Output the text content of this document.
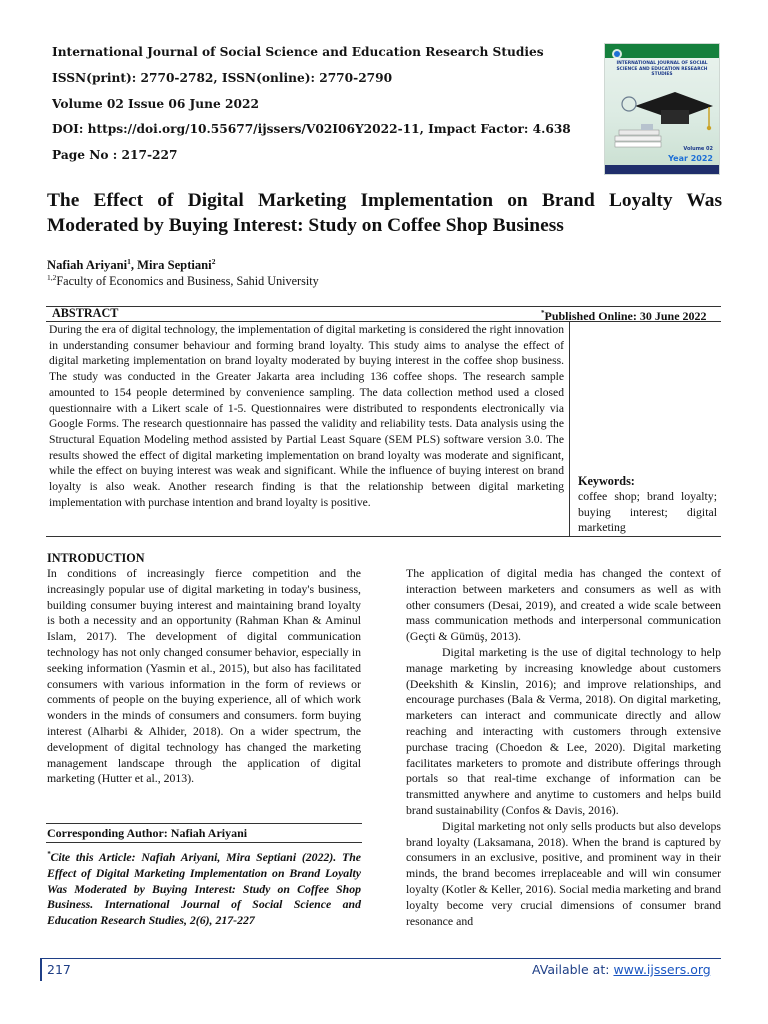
International Journal of Social Science and Education Research Studies
ISSN(print): 2770-2782, ISSN(online): 2770-2790
Volume 02 Issue 06 June 2022
DOI: https://doi.org/10.55677/ijssers/V02I06Y2022-11, Impact Factor: 4.638
Page No : 217-227
INTERNATIONAL JOURNAL OF SOCIAL SCIENCE AND EDUCATION RESEARCH STUDIES
Volume 02
Year 2022
The Effect of Digital Marketing Implementation on Brand Loyalty Was Moderated by Buying Interest: Study on Coffee Shop Business
Nafiah Ariyani$^1$, Mira Septiani$^2$
$^{1,2}$Faculty of Economics and Business, Sahid University
ABSTRACT	*Published Online: 30 June 2022

During the era of digital technology, the implementation of digital marketing is considered the right innovation in understanding consumer behaviour and forming brand loyalty. This study aims to analyse the effect of digital marketing implementation on brand loyalty moderated by buying interest in the coffee shop business. The study was conducted in the Greater Jakarta area including 136 coffee shops. The research sample amounted to 154 people determined by convenience sampling. The data collection method used a closed questionnaire with a Likert scale of 1-5. Questionnaires were distributed to respondents electronically via Google Forms. The research questionnaire has passed the validity and reliability tests. Data analysis using the Structural Equation Modeling method assisted by Partial Least Square (SEM PLS) software version 3.0. The results showed the effect of digital marketing implementation on brand loyalty was moderate and significant, while the effect on buying interest was weak and significant. While the influence of buying interest on brand loyalty is also weak. Another research finding is that the relationship between digital marketing implementation with purchase intention and brand loyalty is positive.

Keywords:

coffee shop; brand loyalty; buying interest; digital marketing

INTRODUCTION

In conditions of increasingly fierce competition and the increasingly popular use of digital marketing in today's business, building consumer buying interest and maintaining brand loyalty is both a necessity and an opportunity (Rahman Khan & Aminul Islam, 2017). The development of digital communication technology has not only changed consumer behavior, especially in seeking information (Yasmin et al., 2015), but also has facilitated consumers with various information in the form of reviews or comments of people on the buying experience, all of which work wonders in the minds of consumers and consumers. form buying interest (Alharbi & Alhider, 2018). On a wider spectrum, the development of digital technology has changed the marketing management landscape through the application of digital marketing (Hutter et al., 2013).

Corresponding Author: Nafiah Ariyani

*Cite this Article: Nafiah Ariyani, Mira Septiani (2022). The Effect of Digital Marketing Implementation on Brand Loyalty Was Moderated by Buying Interest: Study on Coffee Shop Business. International Journal of Social Science and Education Research Studies, 2(6), 217-227

The application of digital media has changed the context of interaction between marketers and consumers as well as with other consumers (Desai, 2019), and created a wide scale between mass communication methods and interpersonal communication (Geçti & Gümüş, 2013).

Digital marketing is the use of digital technology to help manage marketing by increasing knowledge about customers (Deekshith & Kinslin, 2016); and improve relationships, and encourage purchases (Bala & Verma, 2018). On digital marketing, marketers can interact and communicate directly and allow reaching and interacting with customers through extensive purchase tracing (Choedon & Lee, 2020). Digital marketing facilitates marketers to promote and distribute offerings through portals so that real-time exchange of information can be transmitted anywhere and anytime to customers and helps build brand sustainability (Confos & Davis, 2016).

Digital marketing not only sells products but also develops brand loyalty (Laksamana, 2018). When the brand is captured by consumers in an exclusive, positive, and prominent way in their minds, the brand becomes irreplaceable and will win consumer loyalty (Kotler & Keller, 2016). Social media marketing and brand loyalty become very crucial dimensions of consumer brand resonance and

217	AVailable at: www.ijssers.org
